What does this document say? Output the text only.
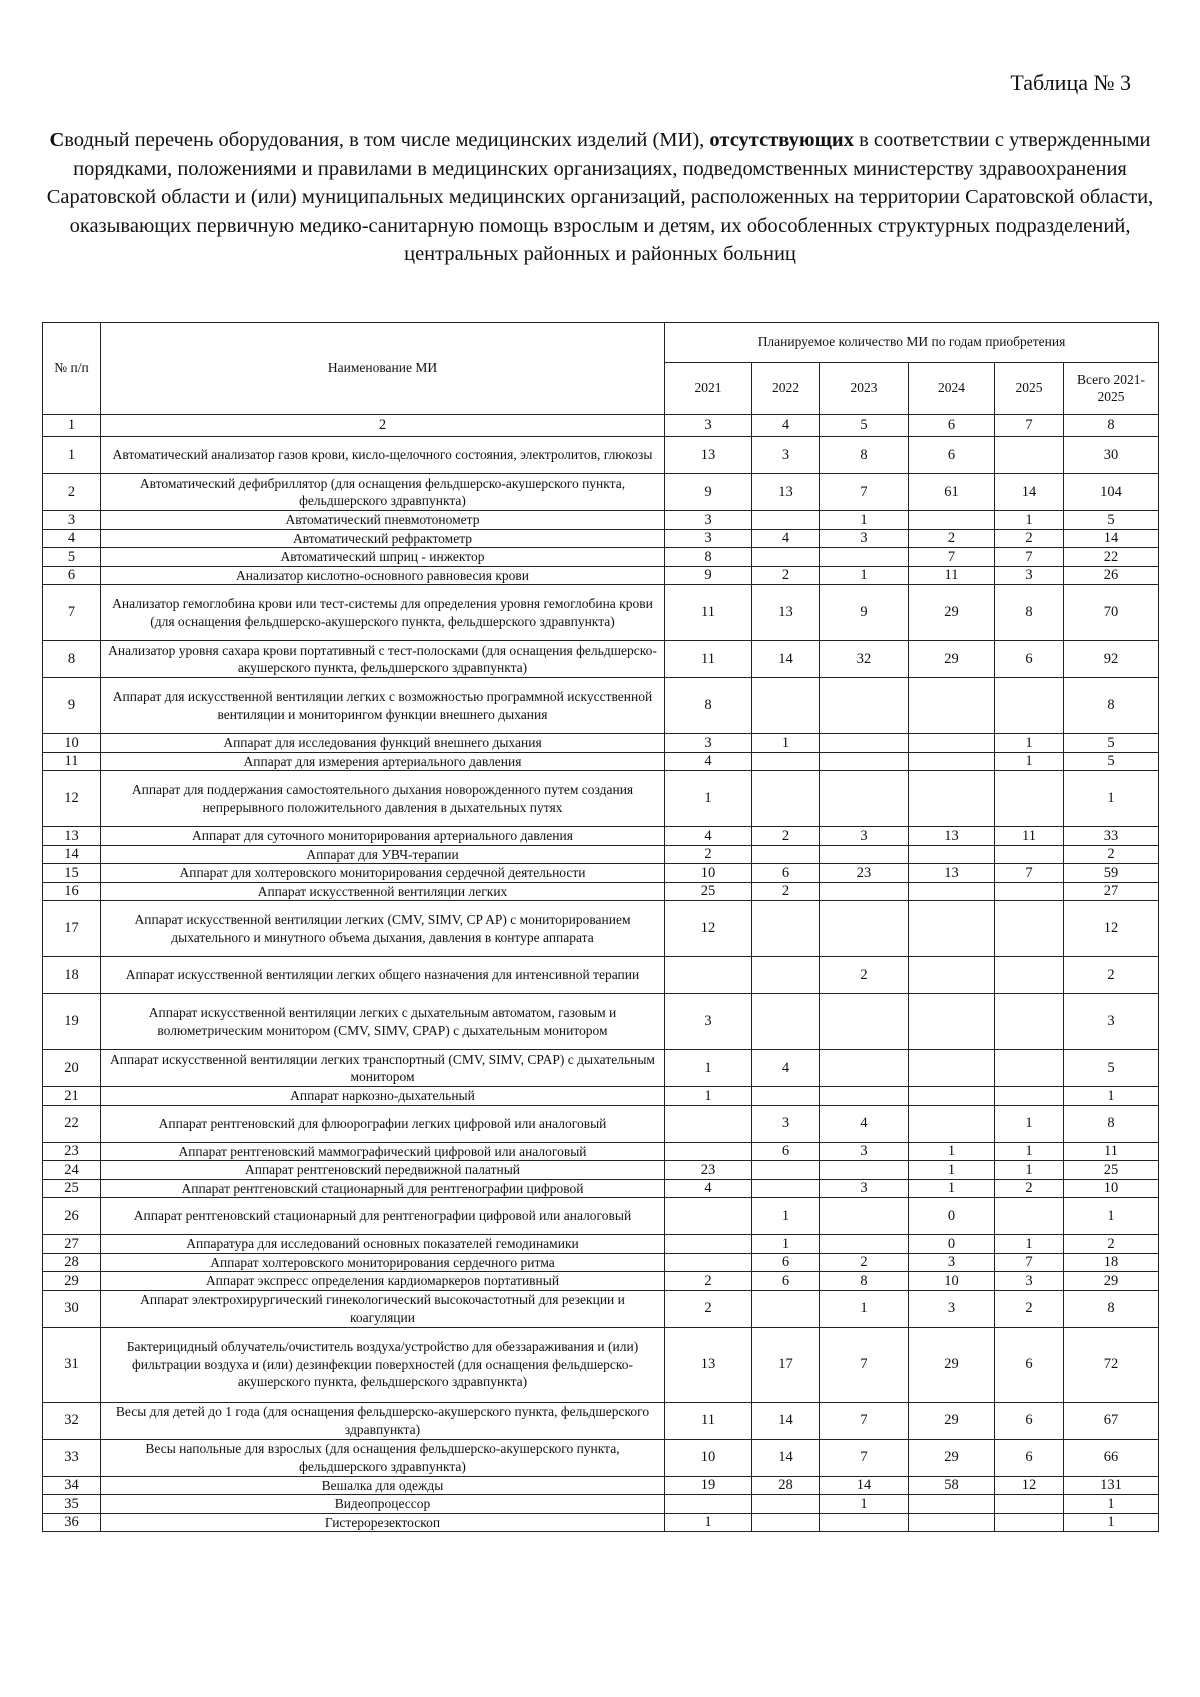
Таблица № 3
Сводный перечень оборудования, в том числе медицинских изделий (МИ), отсутствующих в соответствии с утвержденными порядками, положениями и правилами в медицинских организациях, подведомственных министерству здравоохранения Саратовской области и (или) муниципальных медицинских организаций, расположенных на территории Саратовской области, оказывающих первичную медико-санитарную помощь взрослым и детям, их обособленных структурных подразделений, центральных районных и районных больниц
№ п/п	Наименование МИ	Планируемое количество МИ по годам приобретения					
		2021	2022	2023	2024	2025	Всего 2021-2025
1	2	3	4	5	6	7	8
1	Автоматический анализатор газов крови, кисло-щелочного состояния, электролитов, глюкозы	13	3	8	6		30
2	Автоматический дефибриллятор (для оснащения фельдшерско-акушерского пункта, фельдшерского здравпункта)	9	13	7	61	14	104
3	Автоматический пневмотонометр	3		1		1	5
4	Автоматический рефрактометр	3	4	3	2	2	14
5	Автоматический шприц - инжектор	8			7	7	22
6	Анализатор кислотно-основного равновесия крови	9	2	1	11	3	26
7	Анализатор гемоглобина крови или тест-системы для определения уровня гемоглобина крови (для оснащения фельдшерско-акушерского пункта, фельдшерского здравпункта)	11	13	9	29	8	70
8	Анализатор уровня сахара крови портативный с тест-полосками (для оснащения фельдшерско-акушерского пункта, фельдшерского здравпункта)	11	14	32	29	6	92
9	Аппарат для искусственной вентиляции легких с возможностью программной искусственной вентиляции и мониторингом функции внешнего дыхания	8					8
10	Аппарат для исследования функций внешнего дыхания	3	1			1	5
11	Аппарат для измерения артериального давления	4				1	5
12	Аппарат для поддержания самостоятельного дыхания новорожденного путем создания непрерывного положительного давления в дыхательных путях	1					1
13	Аппарат для суточного мониторирования артериального давления	4	2	3	13	11	33
14	Аппарат для УВЧ-терапии	2					2
15	Аппарат для холтеровского мониторирования сердечной деятельности	10	6	23	13	7	59
16	Аппарат искусственной вентиляции легких	25	2				27
17	Аппарат искусственной вентиляции легких (CMV, SIMV, CP AP) с мониторированием дыхательного и минутного объема дыхания, давления в контуре аппарата	12					12
18	Аппарат искусственной вентиляции легких общего назначения для интенсивной терапии			2			2
19	Аппарат искусственной вентиляции легких с дыхательным автоматом, газовым и волюметрическим монитором (CMV, SIMV, CPAP) с дыхательным монитором	3					3
20	Аппарат искусственной вентиляции легких транспортный (CMV, SIMV, CPAP) с дыхательным монитором	1	4				5
21	Аппарат наркозно-дыхательный	1					1
22	Аппарат рентгеновский для флюорографии легких цифровой или аналоговый		3	4		1	8
23	Аппарат рентгеновский маммографический цифровой или аналоговый		6	3	1	1	11
24	Аппарат рентгеновский передвижной палатный	23			1	1	25
25	Аппарат рентгеновский стационарный для рентгенографии цифровой	4		3	1	2	10
26	Аппарат рентгеновский стационарный для рентгенографии цифровой или аналоговый		1		0		1
27	Аппаратура для исследований основных показателей гемодинамики		1		0	1	2
28	Аппарат холтеровского мониторирования сердечного ритма		6	2	3	7	18
29	Аппарат экспресс определения кардиомаркеров портативный	2	6	8	10	3	29
30	Аппарат электрохирургический гинекологический высокочастотный для резекции и коагуляции	2		1	3	2	8
31	Бактерицидный облучатель/очиститель воздуха/устройство для обеззараживания и (или) фильтрации воздуха и (или) дезинфекции поверхностей (для оснащения фельдшерско-акушерского пункта, фельдшерского здравпункта)	13	17	7	29	6	72
32	Весы для детей до 1 года (для оснащения фельдшерско-акушерского пункта, фельдшерского здравпункта)	11	14	7	29	6	67
33	Весы напольные для взрослых (для оснащения фельдшерско-акушерского пункта, фельдшерского здравпункта)	10	14	7	29	6	66
34	Вешалка для одежды	19	28	14	58	12	131
35	Видеопроцессор			1			1
36	Гистерорезектоскоп	1					1
